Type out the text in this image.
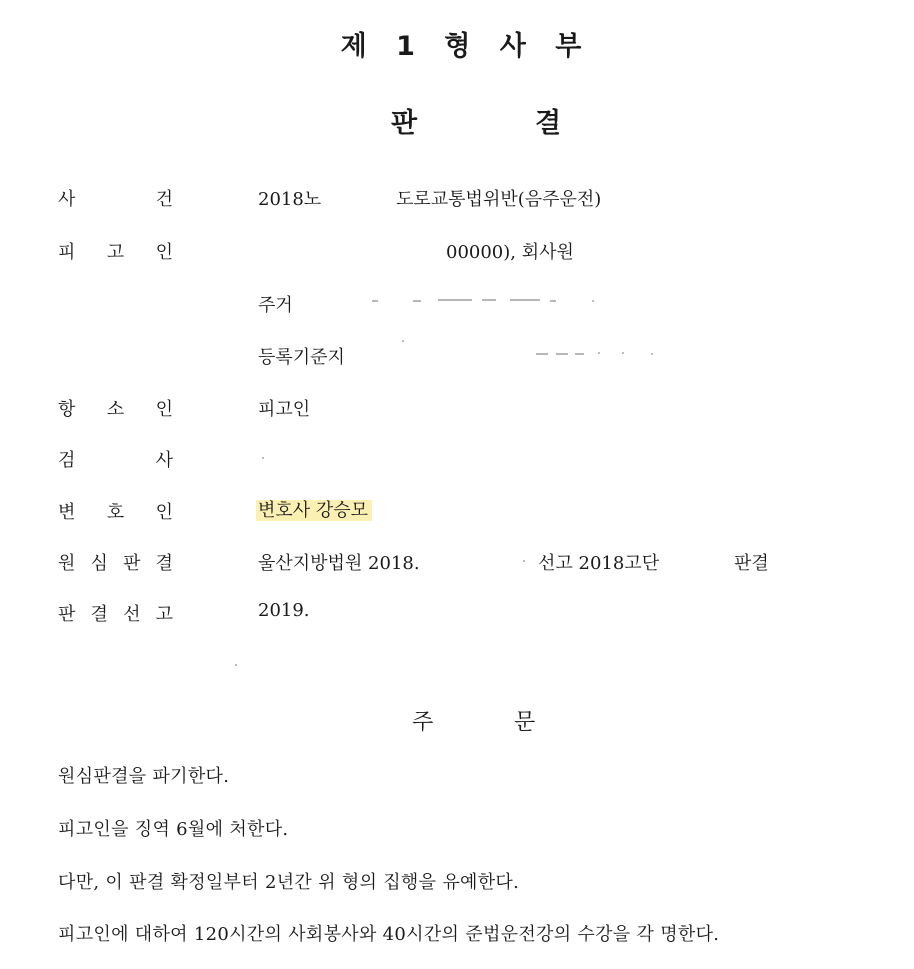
제 1 형 사 부
판	결
사	건	2018노	도로교통법위반(음주운전)
피 고 인	00000), 회사원
주거
등록기준지
항 소 인	피고인
검	사
변 호 인	변호사 강승모
원 심 판 결	울산지방법원 2018.	선고 2018고단	판결
판 결 선 고	2019.
주	문
원심판결을 파기한다.
피고인을 징역 6월에 처한다.
다만, 이 판결 확정일부터 2년간 위 형의 집행을 유예한다.
피고인에 대하여 120시간의 사회봉사와 40시간의 준법운전강의 수강을 각 명한다.
